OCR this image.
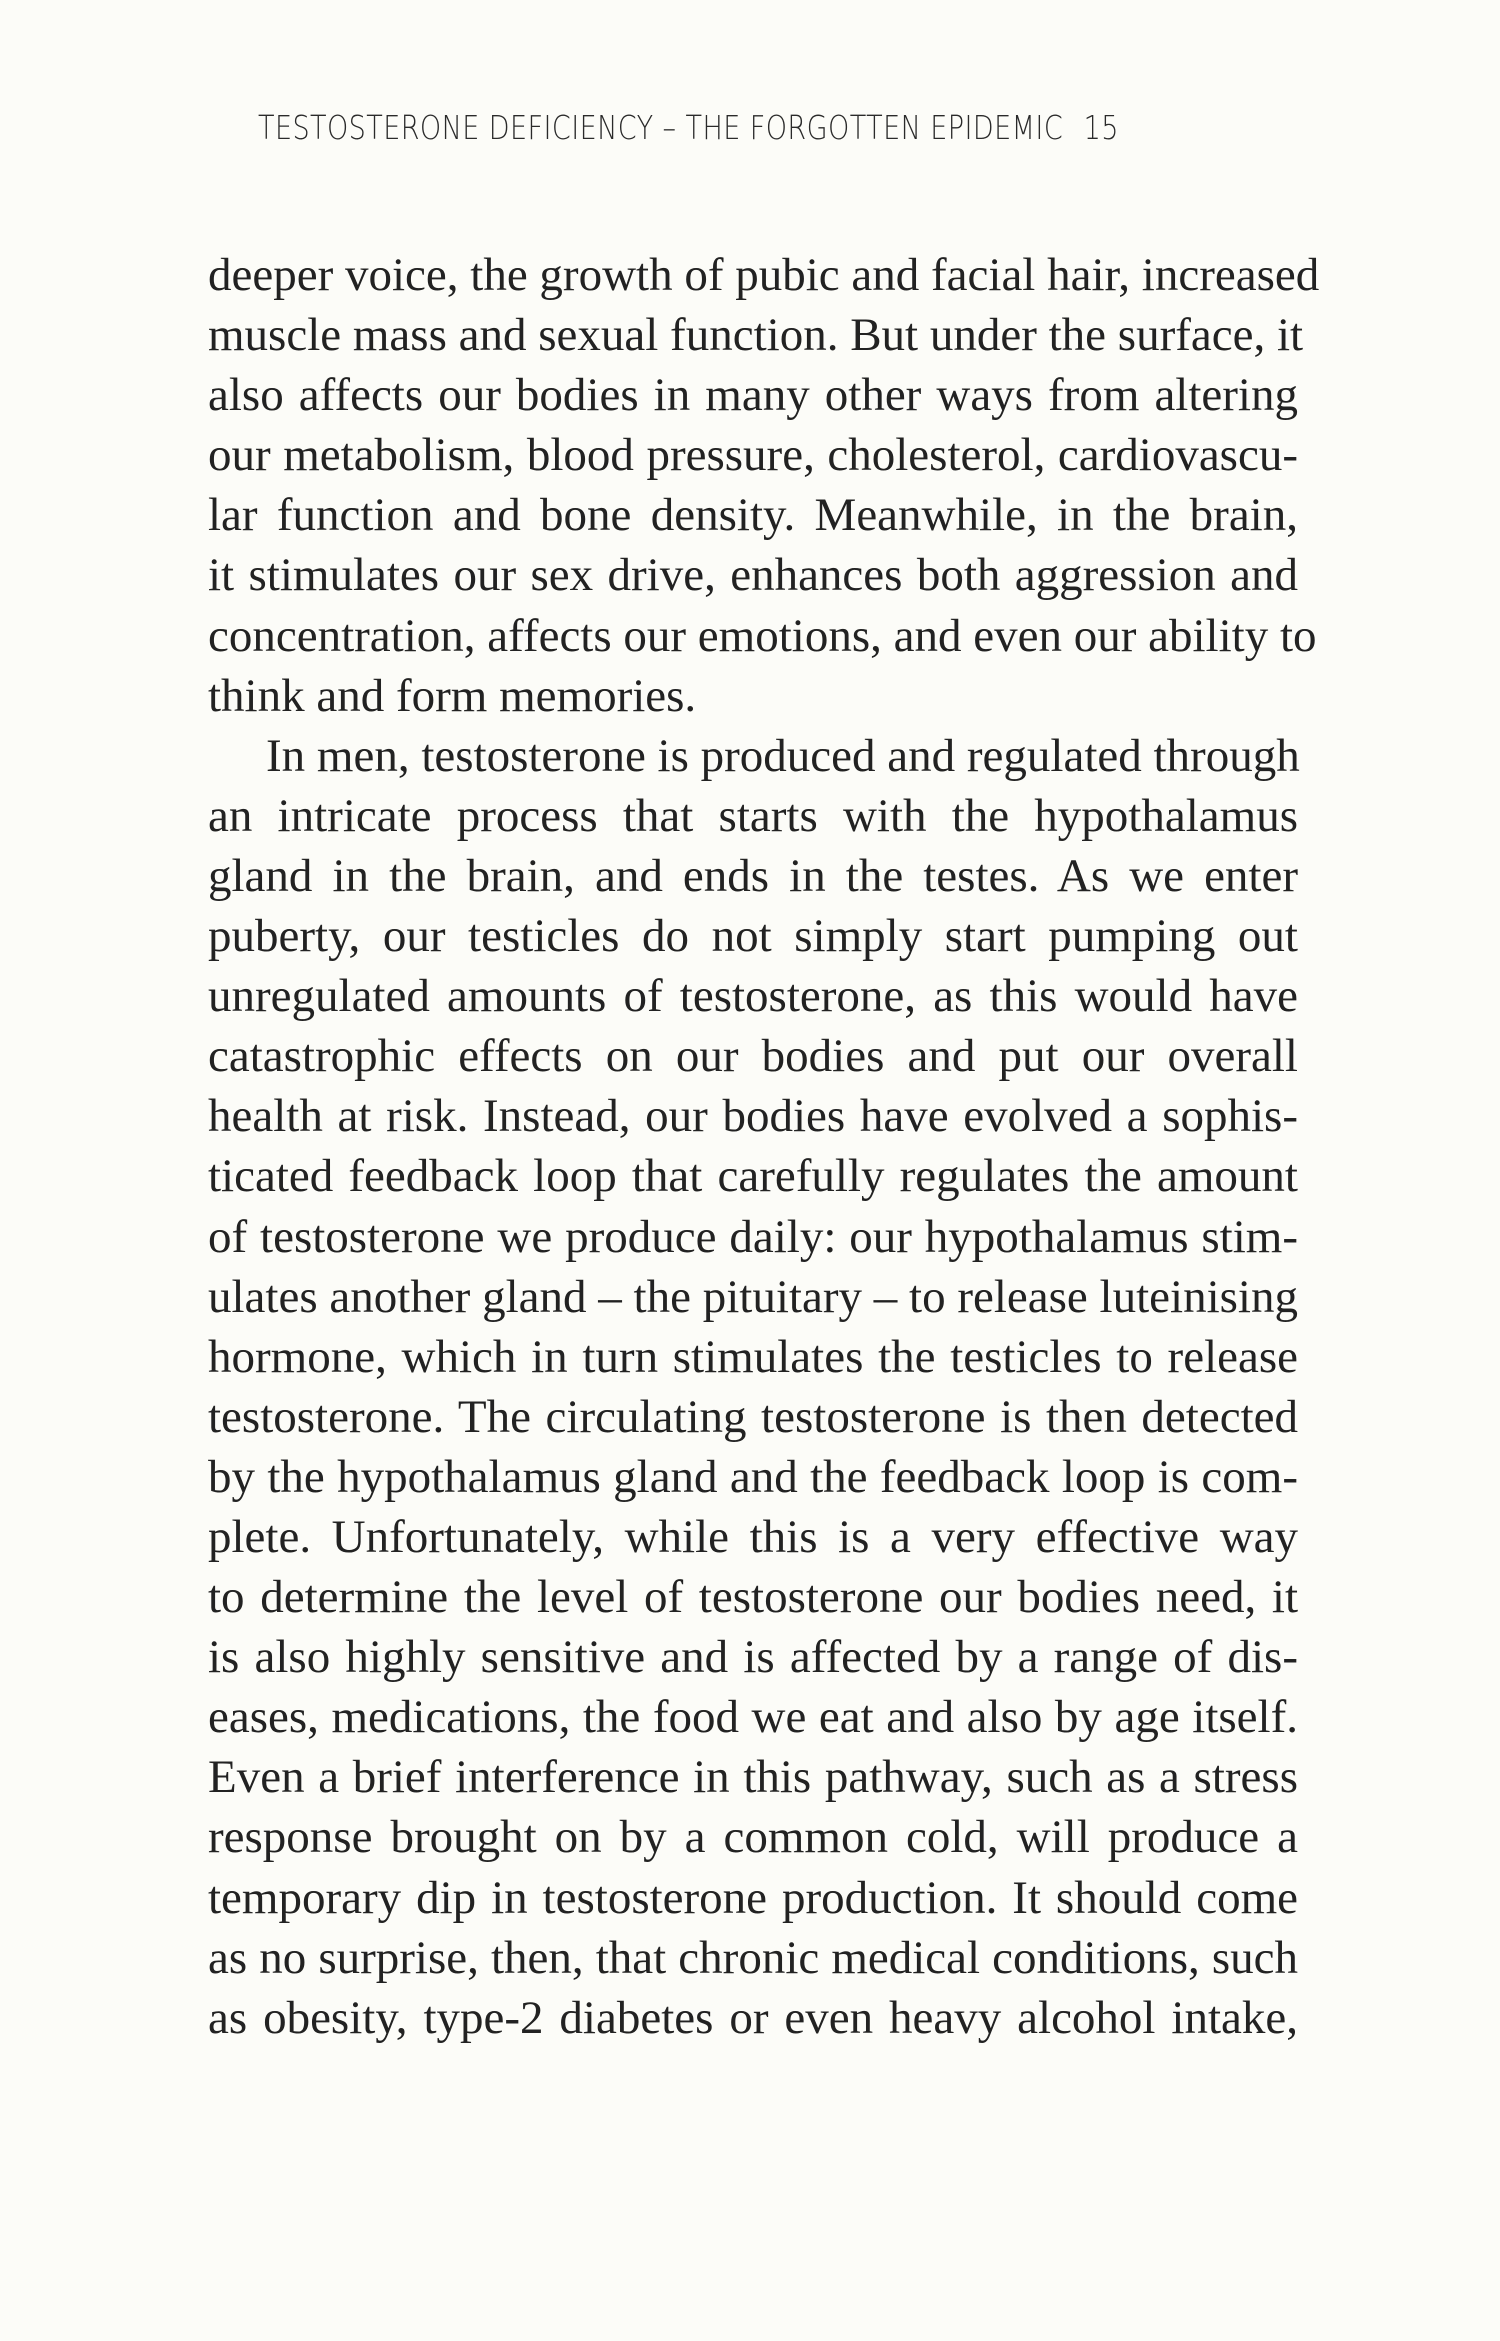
TESTOSTERONE DEFICIENCY – THE FORGOTTEN EPIDEMIC 15
deeper voice, the growth of pubic and facial hair, increased
muscle mass and sexual function. But under the surface, it
also affects our bodies in many other ways from altering
our metabolism, blood pressure, cholesterol, cardiovascu-
lar function and bone density. Meanwhile, in the brain,
it stimulates our sex drive, enhances both aggression and
concentration, affects our emotions, and even our ability to
think and form memories.
In men, testosterone is produced and regulated through
an intricate process that starts with the hypothalamus
gland in the brain, and ends in the testes. As we enter
puberty, our testicles do not simply start pumping out
unregulated amounts of testosterone, as this would have
catastrophic effects on our bodies and put our overall
health at risk. Instead, our bodies have evolved a sophis-
ticated feedback loop that carefully regulates the amount
of testosterone we produce daily: our hypothalamus stim-
ulates another gland – the pituitary – to release luteinising
hormone, which in turn stimulates the testicles to release
testosterone. The circulating testosterone is then detected
by the hypothalamus gland and the feedback loop is com-
plete. Unfortunately, while this is a very effective way
to determine the level of testosterone our bodies need, it
is also highly sensitive and is affected by a range of dis-
eases, medications, the food we eat and also by age itself.
Even a brief interference in this pathway, such as a stress
response brought on by a common cold, will produce a
temporary dip in testosterone production. It should come
as no surprise, then, that chronic medical conditions, such
as obesity, type-2 diabetes or even heavy alcohol intake,
